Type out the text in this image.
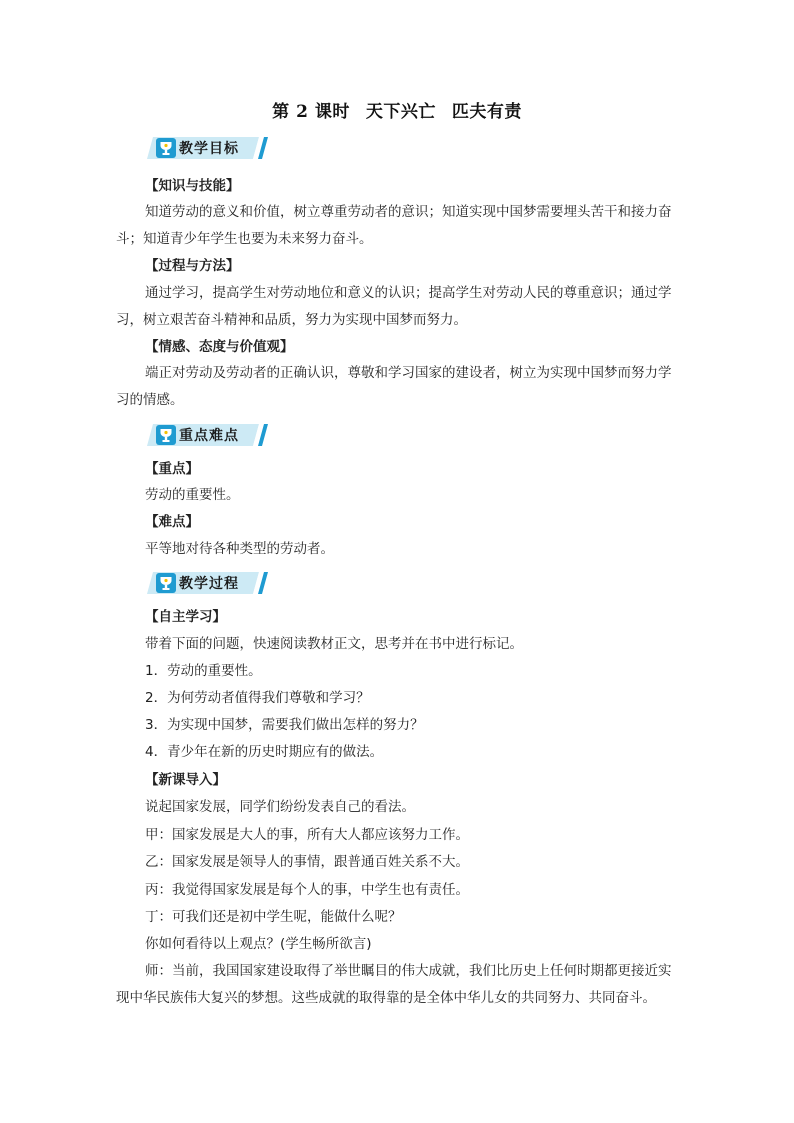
第 2 课时 天下兴亡 匹夫有责
教学目标
【知识与技能】
知道劳动的意义和价值，树立尊重劳动者的意识；知道实现中国梦需要埋头苦干和接力奋斗；知道青少年学生也要为未来努力奋斗。
【过程与方法】
通过学习，提高学生对劳动地位和意义的认识；提高学生对劳动人民的尊重意识；通过学习，树立艰苦奋斗精神和品质，努力为实现中国梦而努力。
【情感、态度与价值观】
端正对劳动及劳动者的正确认识，尊敬和学习国家的建设者，树立为实现中国梦而努力学习的情感。
重点难点
【重点】
劳动的重要性。
【难点】
平等地对待各种类型的劳动者。
教学过程
【自主学习】
带着下面的问题，快速阅读教材正文，思考并在书中进行标记。
1．劳动的重要性。
2．为何劳动者值得我们尊敬和学习？
3．为实现中国梦，需要我们做出怎样的努力？
4．青少年在新的历史时期应有的做法。
【新课导入】
说起国家发展，同学们纷纷发表自己的看法。
甲：国家发展是大人的事，所有大人都应该努力工作。
乙：国家发展是领导人的事情，跟普通百姓关系不大。
丙：我觉得国家发展是每个人的事，中学生也有责任。
丁：可我们还是初中学生呢，能做什么呢？
你如何看待以上观点？(学生畅所欲言)
师：当前，我国国家建设取得了举世瞩目的伟大成就，我们比历史上任何时期都更接近实现中华民族伟大复兴的梦想。这些成就的取得靠的是全体中华儿女的共同努力、共同奋斗。
